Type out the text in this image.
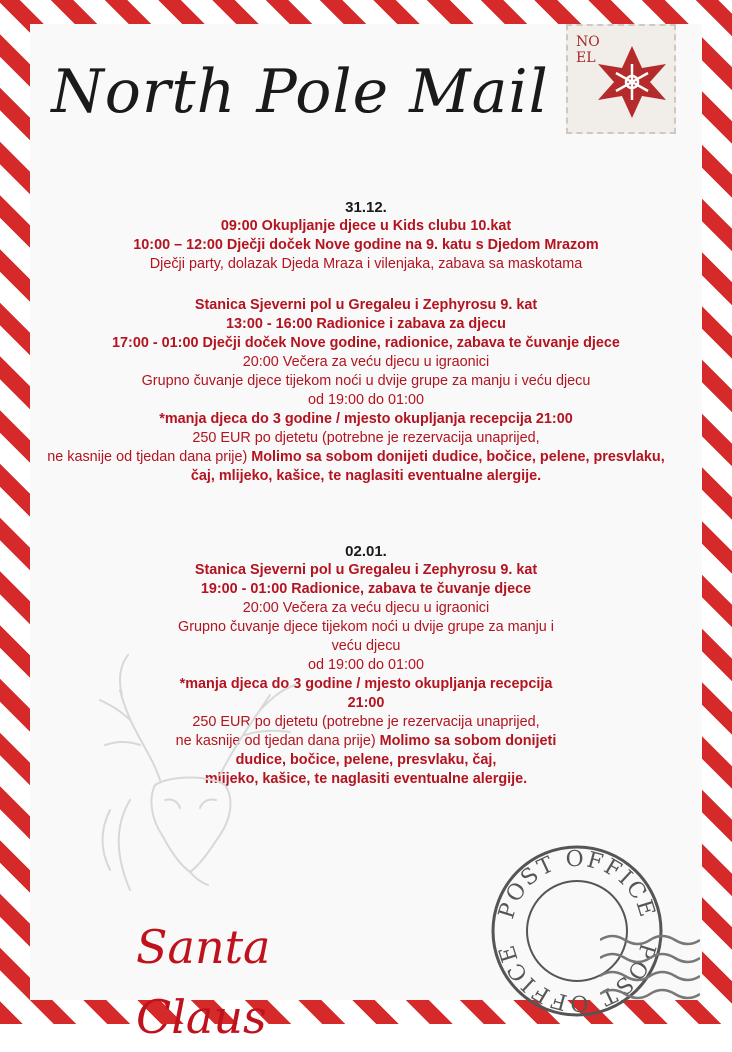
North Pole Mail
NO
EL
31.12.
09:00 Okupljanje djece u Kids clubu 10.kat
10:00 – 12:00 Dječji doček Nove godine na 9. katu s Djedom Mrazom
Dječji party, dolazak Djeda Mraza i vilenjaka, zabava sa maskotama
Stanica Sjeverni pol u Gregaleu i Zephyrosu 9. kat
13:00 - 16:00 Radionice i zabava za djecu
17:00 - 01:00 Dječji doček Nove godine, radionice, zabava te čuvanje djece
20:00 Večera za veću djecu u igraonici
Grupno čuvanje djece tijekom noći u dvije grupe za manju i veću djecu
od 19:00 do 01:00
*manja djeca do 3 godine / mjesto okupljanja recepcija 21:00
250 EUR po djetetu (potrebne je rezervacija unaprijed,
ne kasnije od tjedan dana prije) Molimo sa sobom donijeti dudice, bočice, pelene, presvlaku,
čaj, mlijeko, kašice, te naglasiti eventualne alergije.
02.01.
Stanica Sjeverni pol u Gregaleu i Zephyrosu 9. kat
19:00 - 01:00 Radionice, zabava te čuvanje djece
20:00 Večera za veću djecu u igraonici
Grupno čuvanje djece tijekom noći u dvije grupe za manju i
veću djecu
od 19:00 do 01:00
*manja djeca do 3 godine / mjesto okupljanja recepcija
21:00
250 EUR po djetetu (potrebne je rezervacija unaprijed,
ne kasnije od tjedan dana prije) Molimo sa sobom donijeti
dudice, bočice, pelene, presvlaku, čaj,
mlijeko, kašice, te naglasiti eventualne alergije.
Santa Claus
POST OFFICE
POST OFFICE
